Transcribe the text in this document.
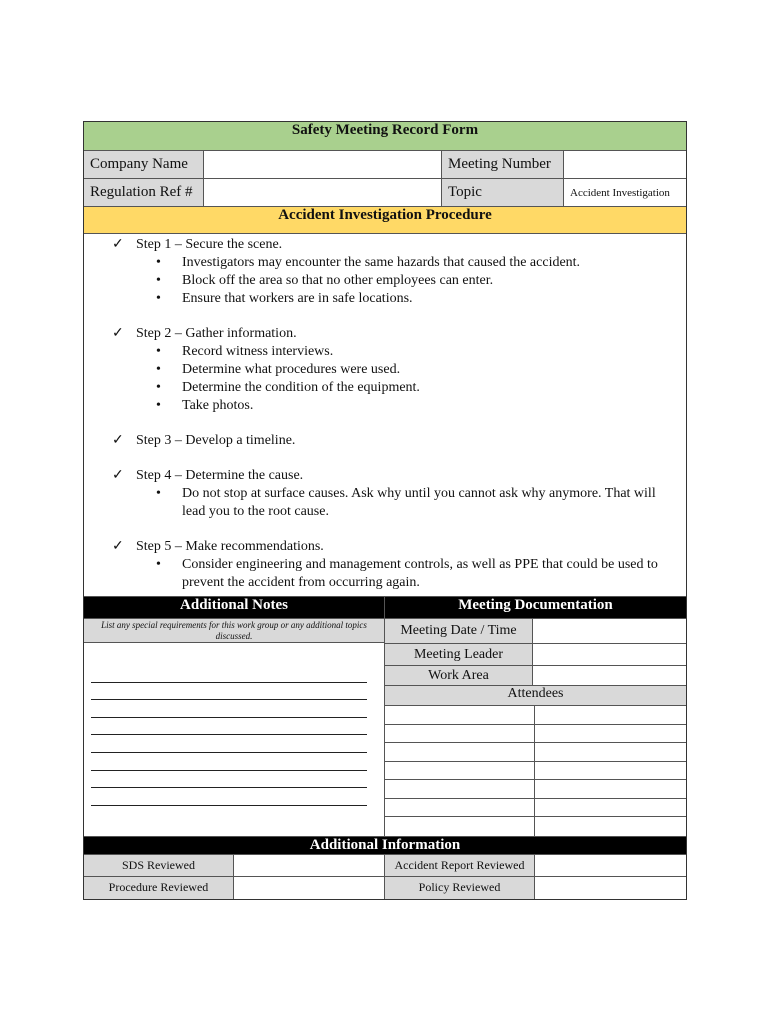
Safety Meeting Record Form
Company Name	Meeting Number
Regulation Ref #	Topic	Accident Investigation
Accident Investigation Procedure
✓ Step 1 – Secure the scene.
•	Investigators may encounter the same hazards that caused the accident.
•	Block off the area so that no other employees can enter.
•	Ensure that workers are in safe locations.
✓ Step 2 – Gather information.
•	Record witness interviews.
•	Determine what procedures were used.
•	Determine the condition of the equipment.
•	Take photos.
✓ Step 3 – Develop a timeline.
✓ Step 4 – Determine the cause.
•	Do not stop at surface causes. Ask why until you cannot ask why anymore. That will lead you to the root cause.
✓ Step 5 – Make recommendations.
•	Consider engineering and management controls, as well as PPE that could be used to prevent the accident from occurring again.
Additional Notes
List any special requirements for this work group or any additional topics discussed.
Meeting Documentation
Meeting Date / Time
Meeting Leader
Work Area
Attendees
Additional Information
SDS Reviewed	Accident Report Reviewed
Procedure Reviewed	Policy Reviewed
